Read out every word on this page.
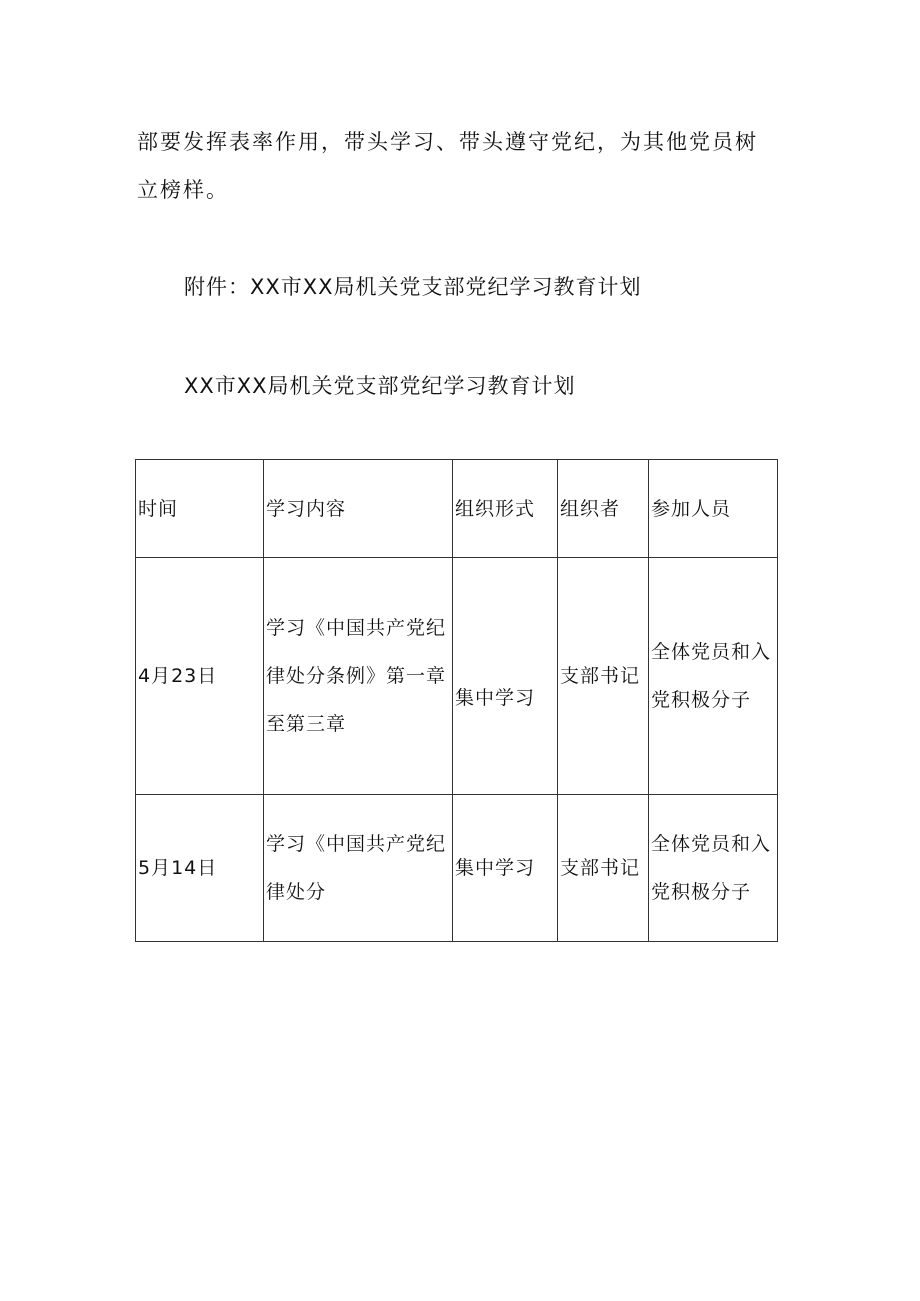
部要发挥表率作用，带头学习、带头遵守党纪，为其他党员树立榜样。

附件：XX市XX局机关党支部党纪学习教育计划

XX市XX局机关党支部党纪学习教育计划

时间	学习内容	组织形式	组织者	参加人员
4月23日	学习《中国共产党纪律处分条例》第一章至第三章	集中学习	支部书记	全体党员和入党积极分子
5月14日	学习《中国共产党纪律处分	集中学习	支部书记	全体党员和入党积极分子
